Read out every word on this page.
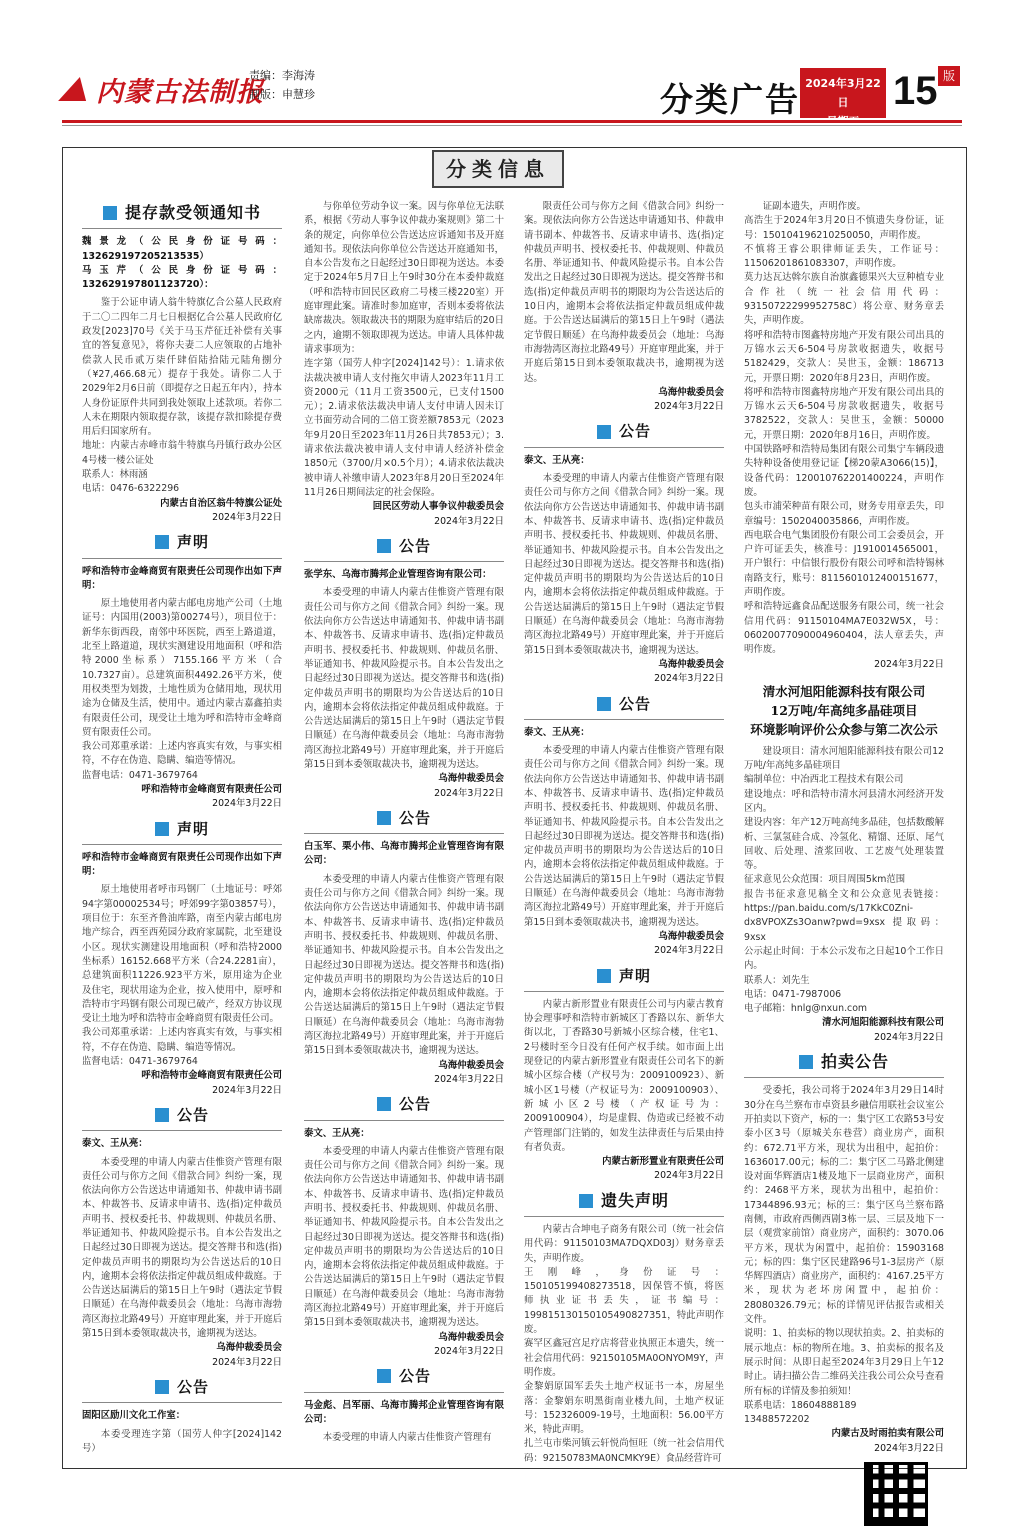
内蒙古法制报
责编：李海涛
制版：申慧珍	分类广告 2024年3月22日	15 版
分类信息
提存款受领通知书
魏景龙（公民身份证号码：132629197205213535）
马玉芹（公民身份证号码：132629197801123720）：
鉴于公证申请人翁牛特旗亿合公墓人民政府于二〇二四年二月七日根据亿合公墓人民政府亿政发[2023]70号《关于马玉芹征迁补偿有关事宜的答复意见》，将你夫妻二人应领取的占地补偿款人民币贰万柒仟肆佰陆拾陆元陆角捌分（¥27,466.68元）提存于我处。请你二人于2029年2月6日前（即提存之日起五年内），持本人身份证原件共同到我处领取上述款项。若你二人未在期限内领取提存款，该提存款扣除提存费用后归国家所有。
地址：内蒙古赤峰市翁牛特旗乌丹镇行政办公区4号楼一楼公证处
联系人：林雨涵
电话：0476-6322296
内蒙古自治区翁牛特旗公证处
2024年3月22日
声明
呼和浩特市金峰商贸有限责任公司现作出如下声明：
原土地使用者内蒙古邮电房地产公司（土地证号：内国用(2003)第00274号），项目位于：新华东街西段，南邻中环医院，西至上路道道，北至上路道道，现状实测建设用地面积（呼和浩特2000坐标系）7155.166平方米（合10.7327亩）。总建筑面积4492.26平方米，使用权类型为划拨，土地性质为仓储用地，现状用途为仓储及生活，使用中。通过内蒙古嘉鑫拍卖有限责任公司，现受让土地为呼和浩特市金峰商贸有限责任公司。
我公司郑重承诺：上述内容真实有效，与事实相符，不存在伪造、隐瞒、编造等情况。
监督电话：0471-3679764
呼和浩特市金峰商贸有限责任公司
2024年3月22日
声明
呼和浩特市金峰商贸有限责任公司现作出如下声明：
原土地使用者呼市玛钢厂（土地证号：呼郊94字第00002534号；呼郊99字第03857号），项目位于：东至齐鲁油库路，南至内蒙古邮电房地产综合，西至西苑园分政府家属院，北至建设小区。现状实测建设用地面积（呼和浩特2000坐标系）16152.668平方米（合24.2281亩），总建筑面积11226.923平方米，原用途为企业及住宅，现状用途为企业，按入使用中，原呼和浩特市宇玛钢有限公司现已破产，经双方协议现受让土地为呼和浩特市金峰商贸有限责任公司。
我公司郑重承诺：上述内容真实有效，与事实相符，不存在伪造、隐瞒、编造等情况。
监督电话：0471-3679764
呼和浩特市金峰商贸有限责任公司
2024年3月22日
公告
泰文、王从亮：
本委受理的申请人内蒙古佳惟资产管理有限责任公司与你方之间《借款合同》纠纷一案，现依法向你方公告送达申请通知书、仲裁申请书副本、仲裁答书、反请求申请书、选(指)定仲裁员声明书、授权委托书、仲裁规则、仲裁员名册、举证通知书、仲裁风险提示书。自本公告发出之日起经过30日即视为送达。提交答辩书和选(指)定仲裁员声明书的期限均为公告送达后的10日内，逾期本会将依法指定仲裁员组成仲裁庭。于公告送达届满后的第15日上午9时（遇法定节假日顺延）在乌海仲裁委员会（地址：乌海市海勃湾区海拉北路49号）开庭审理此案，并于开庭后第15日到本委领取裁决书，逾期视为送达。
乌海仲裁委员会
2024年3月22日
公告
固阳区励川文化工作室：
本委受理连字第（国劳人仲字[2024]142号）
与你单位劳动争议一案。因与你单位无法联系，根据《劳动人事争议仲裁办案规则》第二十条的规定，向你单位公告送达应诉通知书及开庭通知书。现依法向你单位公告送达开庭通知书，自本公告发布之日起经过30日即视为送达。本委定于2024年5月7日上午9时30分在本委仲裁庭（呼和浩特市回民区政府二号楼三楼220室）开庭审理此案。请准时参加庭审，否则本委将依法缺席裁决。领取裁决书的期限为庭审结后的20日之内，逾期不领取即视为送达。申请人具体仲裁请求事项为：
连字第（国劳人仲字[2024]142号）：1.请求依法裁决被申请人支付拖欠申请人2023年11月工资2000元（11月工资3500元，已支付1500元）；2.请求依法裁决申请人支付申请人因未订立书面劳动合同的二倍工资差额7853元（2023年9月20日至2023年11月26日共7853元）；3.请求依法裁决被申请人支付申请人经济补偿金1850元（3700/月×0.5个月）；4.请求依法裁决被申请人补缴申请人2023年8月20日至2024年11月26日期间法定的社会保险。
回民区劳动人事争议仲裁委员会
2024年3月22日
公告
张学东、乌海市腾邦企业管理咨询有限公司：
本委受理的申请人内蒙古佳惟资产管理有限责任公司与你方之间《借款合同》纠纷一案。现依法向你方公告送达申请通知书、仲裁申请书副本、仲裁答书、反请求申请书、选(指)定仲裁员声明书、授权委托书、仲裁规则、仲裁员名册、举证通知书、仲裁风险提示书。自本公告发出之日起经过30日即视为送达。提交答辩书和选(指)定仲裁员声明书的期限均为公告送达后的10日内，逾期本会将依法指定仲裁员组成仲裁庭。于公告送达届满后的第15日上午9时（遇法定节假日顺延）在乌海仲裁委员会（地址：乌海市海勃湾区海拉北路49号）开庭审理此案，并于开庭后第15日到本委领取裁决书，逾期视为送达。
乌海仲裁委员会
2024年3月22日
公告
白玉军、栗小伟、乌海市腾邦企业管理咨询有限公司：
本委受理的申请人内蒙古佳惟资产管理有限责任公司与你方之间《借款合同》纠纷一案。现依法向你方公告送达申请通知书、仲裁申请书副本、仲裁答书、反请求申请书、选(指)定仲裁员声明书、授权委托书、仲裁规则、仲裁员名册、举证通知书、仲裁风险提示书。自本公告发出之日起经过30日即视为送达。提交答辩书和选(指)定仲裁员声明书的期限均为公告送达后的10日内，逾期本会将依法指定仲裁员组成仲裁庭。于公告送达届满后的第15日上午9时（遇法定节假日顺延）在乌海仲裁委员会（地址：乌海市海勃湾区海拉北路49号）开庭审理此案，并于开庭后第15日到本委领取裁决书，逾期视为送达。
乌海仲裁委员会
2024年3月22日
公告
泰文、王从亮：
本委受理的申请人内蒙古佳惟资产管理有限责任公司与你方之间《借款合同》纠纷一案。现依法向你方公告送达申请通知书、仲裁申请书副本、仲裁答书、反请求申请书、选(指)定仲裁员声明书、授权委托书、仲裁规则、仲裁员名册、举证通知书、仲裁风险提示书。自本公告发出之日起经过30日即视为送达。提交答辩书和选(指)定仲裁员声明书的期限均为公告送达后的10日内，逾期本会将依法指定仲裁员组成仲裁庭。于公告送达届满后的第15日上午9时（遇法定节假日顺延）在乌海仲裁委员会（地址：乌海市海勃湾区海拉北路49号）开庭审理此案，并于开庭后第15日到本委领取裁决书，逾期视为送达。
乌海仲裁委员会
2024年3月22日
公告
马金彪、吕军丽、乌海市腾邦企业管理咨询有限公司：
本委受理的申请人内蒙古佳惟资产管理有
限责任公司与你方之间《借款合同》纠纷一案。现依法向你方公告送达申请通知书、仲裁申请书副本、仲裁答书、反请求申请书、选(指)定仲裁员声明书、授权委托书、仲裁规则、仲裁员名册、举证通知书、仲裁风险提示书。自本公告发出之日起经过30日即视为送达。提交答辩书和选(指)定仲裁员声明书的期限均为公告送达后的10日内，逾期本会将依法指定仲裁员组成仲裁庭。于公告送达届满后的第15日上午9时（遇法定节假日顺延）在乌海仲裁委员会（地址：乌海市海勃湾区海拉北路49号）开庭审理此案，并于开庭后第15日到本委领取裁决书，逾期视为送达。
乌海仲裁委员会
2024年3月22日
公告
泰文、王从亮：
本委受理的申请人内蒙古佳惟资产管理有限责任公司与你方之间《借款合同》纠纷一案。现依法向你方公告送达申请通知书、仲裁申请书副本、仲裁答书、反请求申请书、选(指)定仲裁员声明书、授权委托书、仲裁规则、仲裁员名册、举证通知书、仲裁风险提示书。自本公告发出之日起经过30日即视为送达。提交答辩书和选(指)定仲裁员声明书的期限均为公告送达后的10日内，逾期本会将依法指定仲裁员组成仲裁庭。于公告送达届满后的第15日上午9时（遇法定节假日顺延）在乌海仲裁委员会（地址：乌海市海勃湾区海拉北路49号）开庭审理此案，并于开庭后第15日到本委领取裁决书，逾期视为送达。
乌海仲裁委员会
2024年3月22日
公告
泰文、王从亮：
本委受理的申请人内蒙古佳惟资产管理有限责任公司与你方之间《借款合同》纠纷一案。现依法向你方公告送达申请通知书、仲裁申请书副本、仲裁答书、反请求申请书、选(指)定仲裁员声明书、授权委托书、仲裁规则、仲裁员名册、举证通知书、仲裁风险提示书。自本公告发出之日起经过30日即视为送达。提交答辩书和选(指)定仲裁员声明书的期限均为公告送达后的10日内，逾期本会将依法指定仲裁员组成仲裁庭。于公告送达届满后的第15日上午9时（遇法定节假日顺延）在乌海仲裁委员会（地址：乌海市海勃湾区海拉北路49号）开庭审理此案，并于开庭后第15日到本委领取裁决书，逾期视为送达。
乌海仲裁委员会
2024年3月22日
声明
内蒙古新形置业有限责任公司与内蒙古教育协会理事呼和浩特市新城区丁香路以东、新华大街以北，丁香路30号新城小区综合楼，住宅1、2号楼时至今日没有任何产权手续。如市面上出现登记的内蒙古新形置业有限责任公司名下的新城小区综合楼（产权号为：2009100923）、新城小区1号楼（产权证号为：2009100903）、新城小区2号楼（产权证号为：2009100904），均是虚假、伪造或已经被不动产管理部门注销的，如发生法律责任与后果由持有者负责。
内蒙古新形置业有限责任公司
2024年3月22日
遗失声明
内蒙古合坤电子商务有限公司（统一社会信用代码：91150103MA7DQXD03J）财务章丢失，声明作废。
王刚峰，身份证号：150105199408273518，因保管不慎，将医师执业证书丢失，证书编号：199815130150105490827351，特此声明作废。
赛罕区鑫冠宫足疗店将营业执照正本遗失，统一社会信用代码：92150105MA0ONYOM9Y，声明作废。
金黎娟原国军丢失土地产权证书一本，房屋坐落：金黎娟东明黑街南业楼九间，土地产权证号：152326009-19号，土地面积：56.00平方米，特此声明。
扎兰屯市柴河镇云轩悦尚恒旺（统一社会信用代码：92150783MA0NCMKY9E）食品经营许可
证副本遗失，声明作废。
高浩生于2024年3月20日不慎遗失身份证，证号：150104196210250050，声明作废。
不慎将王睿公职律师证丢失，工作证号：11506201861083307，声明作废。
莫力达瓦达斡尔族自治旗鑫德果兴大豆种植专业合作社（统一社会信用代码：93150722299952758C）将公章、财务章丢失，声明作废。
将呼和浩特市图鑫特房地产开发有限公司出具的万锦水云天6-504号房款收据遗失，收据号5182429，交款人：吴世玉，金额：186713元，开票日期：2020年8月23日，声明作废。
将呼和浩特市图鑫特房地产开发有限公司出具的万锦水云天6-504号房款收据遗失，收据号3782522，交款人：吴世玉，金额：50000元，开票日期：2020年8月16日，声明作废。
中国铁路呼和浩特局集团有限公司集宁车辆段遗失特种设备使用登记证【梯20蒙A3066(15)】，设备代码：120010762201400224，声明作废。
包头市浦荣种苗有限公司，财务专用章丢失，印章编号：1502040035866，声明作废。
西电联合电气集团股份有限公司工会委员会，开户许可证丢失，核准号：J1910014565001，开户银行：中信银行股份有限公司呼和浩特锡林南路支行，账号：8115601012400151677，声明作废。
呼和浩特远鑫食品配送服务有限公司，统一社会信用代码：91150104MA7E032W5X，号：06020077090004960404，法人章丢失，声明作废。
2024年3月22日
清水河旭阳能源科技有限公司
12万吨/年高纯多晶硅项目
环境影响评价公众参与第二次公示
建设项目：清水河旭阳能源科技有限公司12万吨/年高纯多晶硅项目
编制单位：中冶西北工程技术有限公司
建设地点：呼和浩特市清水河县清水河经济开发区内。
建设内容：年产12万吨高纯多晶硅，包括数酸解析、三氯氢硅合成、冷氢化、精馏、还原、尾气回收、后处理、渣浆回收、工艺废气处理装置等。
征求意见公众范围：项目周围5km范围
报告书征求意见稿全文和公众意见表链接：https://pan.baidu.com/s/17KkC0Zni-dx8VPOXZs3Oanw?pwd=9xsx 提取码：9xsx
公示起止时间：于本公示发布之日起10个工作日内。
联系人：刘先生
电话：0471-7987006
电子邮箱：hnlg@nxun.com
清水河旭阳能源科技有限公司
2024年3月22日
拍卖公告
受委托，我公司将于2024年3月29日14时30分在乌兰察布市卓资县乡融信用联社会议室公开拍卖以下资产，标的一：集宁区工农路53号安泰小区3号（原城关东巷营）商业房产，面积约：672.71平方米，现状为出租中，起拍价：1636017.00元；标的二：集宁区二马路北侧建设对面华辉酒店1楼及地下一层商业房产，面积约：2468平方米，现状为出租中，起拍价：17344896.93元；标的三：集宁区乌兰察布路南侧，市政府西侧西剧3栋一层、三层及地下一层（观赏家前馆）商业房产，面积约：3070.06平方米，现状为闲置中，起拍价：15903168元；标的四：集宁区民建路96号1-3层房产（原华辉四酒店）商业房产，面积约：4167.25平方米，现状为老坏房闲置中，起拍价：28080326.79元；标的详情见评估报告或相关文件。
说明：1、拍卖标的物以现状拍卖。2、拍卖标的展示地点：标的物所在地。3、拍卖标的报名及展示时间：从即日起至2024年3月29日上午12时止。请扫描公告二维码关注我公司公众号查看所有标的详情及参拍须知！
联系电话：18604888189
13488572202
内蒙古及时雨拍卖有限公司
2024年3月22日
